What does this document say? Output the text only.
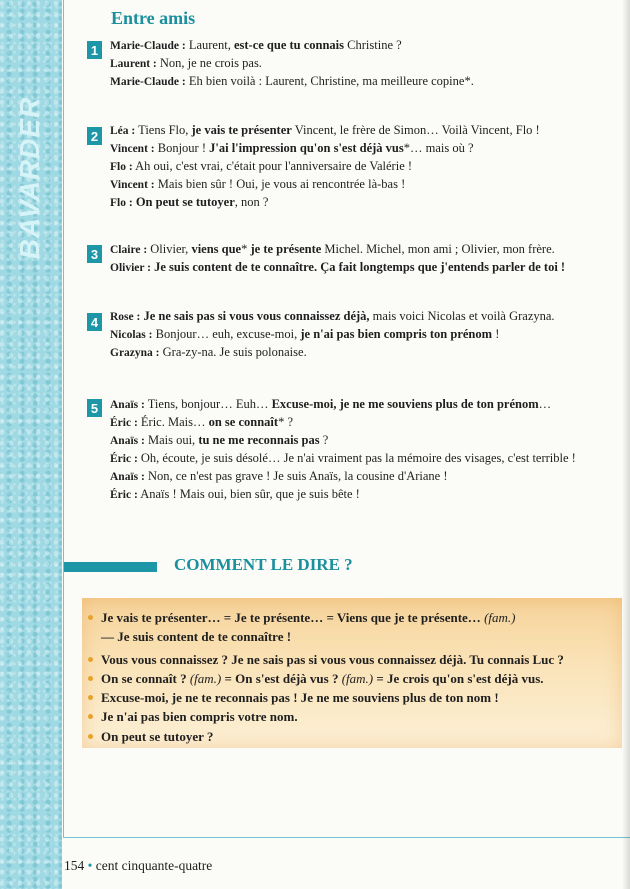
BAVARDER
Entre amis
1	Marie-Claude : Laurent, est-ce que tu connais Christine ?
Laurent : Non, je ne crois pas.
Marie-Claude : Eh bien voilà : Laurent, Christine, ma meilleure copine*.
2	Léa : Tiens Flo, je vais te présenter Vincent, le frère de Simon… Voilà Vincent, Flo !
Vincent : Bonjour ! J'ai l'impression qu'on s'est déjà vus*… mais où ?
Flo : Ah oui, c'est vrai, c'était pour l'anniversaire de Valérie !
Vincent : Mais bien sûr ! Oui, je vous ai rencontrée là-bas !
Flo : On peut se tutoyer, non ?
3	Claire : Olivier, viens que* je te présente Michel. Michel, mon ami ; Olivier, mon frère.
Olivier : Je suis content de te connaître. Ça fait longtemps que j'entends parler de toi !
4	Rose : Je ne sais pas si vous vous connaissez déjà, mais voici Nicolas et voilà Grazyna.
Nicolas : Bonjour… euh, excuse-moi, je n'ai pas bien compris ton prénom !
Grazyna : Gra-zy-na. Je suis polonaise.
5	Anaïs : Tiens, bonjour… Euh… Excuse-moi, je ne me souviens plus de ton prénom…
Éric : Éric. Mais… on se connaît* ?
Anaïs : Mais oui, tu ne me reconnais pas ?
Éric : Oh, écoute, je suis désolé… Je n'ai vraiment pas la mémoire des visages, c'est terrible !
Anaïs : Non, ce n'est pas grave ! Je suis Anaïs, la cousine d'Ariane !
Éric : Anaïs ! Mais oui, bien sûr, que je suis bête !
COMMENT LE DIRE ?
Je vais te présenter… = Je te présente… = Viens que je te présente… (fam.)
— Je suis content de te connaître !
Vous vous connaissez ? Je ne sais pas si vous vous connaissez déjà. Tu connais Luc ?
On se connaît ? (fam.) = On s'est déjà vus ? (fam.) = Je crois qu'on s'est déjà vus.
Excuse-moi, je ne te reconnais pas ! Je ne me souviens plus de ton nom !
Je n'ai pas bien compris votre nom.
On peut se tutoyer ?
154 • cent cinquante-quatre
